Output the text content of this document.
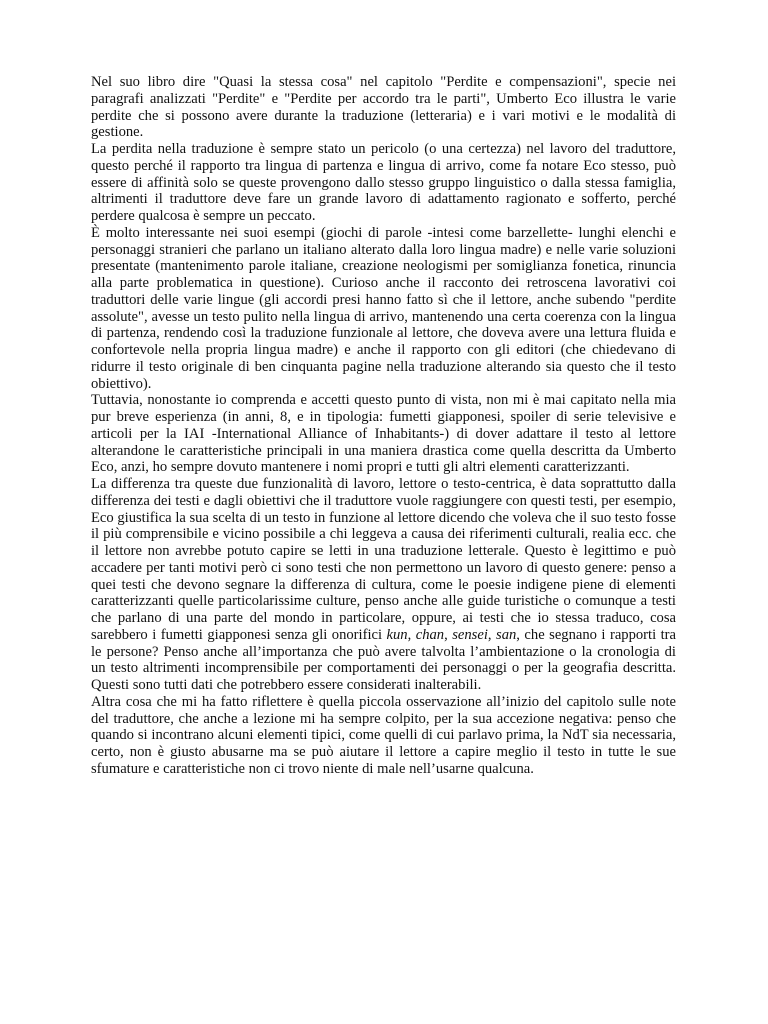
Nel suo libro dire "Quasi la stessa cosa" nel capitolo "Perdite e compensazioni", specie nei paragrafi analizzati "Perdite" e "Perdite per accordo tra le parti", Umberto Eco illustra le varie perdite che si possono avere durante la traduzione (letteraria) e i vari motivi e le modalità di gestione.

La perdita nella traduzione è sempre stato un pericolo (o una certezza) nel lavoro del traduttore, questo perché il rapporto tra lingua di partenza e lingua di arrivo, come fa notare Eco stesso, può essere di affinità solo se queste provengono dallo stesso gruppo linguistico o dalla stessa famiglia, altrimenti il traduttore deve fare un grande lavoro di adattamento ragionato e sofferto, perché perdere qualcosa è sempre un peccato.

È molto interessante nei suoi esempi (giochi di parole -intesi come barzellette- lunghi elenchi e personaggi stranieri che parlano un italiano alterato dalla loro lingua madre) e nelle varie soluzioni presentate (mantenimento parole italiane, creazione neologismi per somiglianza fonetica, rinuncia alla parte problematica in questione). Curioso anche il racconto dei retroscena lavorativi coi traduttori delle varie lingue (gli accordi presi hanno fatto sì che il lettore, anche subendo "perdite assolute", avesse un testo pulito nella lingua di arrivo, mantenendo una certa coerenza con la lingua di partenza, rendendo così la traduzione funzionale al lettore, che doveva avere una lettura fluida e confortevole nella propria lingua madre) e anche il rapporto con gli editori (che chiedevano di ridurre il testo originale di ben cinquanta pagine nella traduzione alterando sia questo che il testo obiettivo).

Tuttavia, nonostante io comprenda e accetti questo punto di vista, non mi è mai capitato nella mia pur breve esperienza (in anni, 8, e in tipologia: fumetti giapponesi, spoiler di serie televisive e articoli per la IAI -International Alliance of Inhabitants-) di dover adattare il testo al lettore alterandone le caratteristiche principali in una maniera drastica come quella descritta da Umberto Eco, anzi, ho sempre dovuto mantenere i nomi propri e tutti gli altri elementi caratterizzanti.

La differenza tra queste due funzionalità di lavoro, lettore o testo-centrica, è data soprattutto dalla differenza dei testi e dagli obiettivi che il traduttore vuole raggiungere con questi testi, per esempio, Eco giustifica la sua scelta di un testo in funzione al lettore dicendo che voleva che il suo testo fosse il più comprensibile e vicino possibile a chi leggeva a causa dei riferimenti culturali, realia ecc. che il lettore non avrebbe potuto capire se letti in una traduzione letterale. Questo è legittimo e può accadere per tanti motivi però ci sono testi che non permettono un lavoro di questo genere: penso a quei testi che devono segnare la differenza di cultura, come le poesie indigene piene di elementi caratterizzanti quelle particolarissime culture, penso anche alle guide turistiche o comunque a testi che parlano di una parte del mondo in particolare, oppure, ai testi che io stessa traduco, cosa sarebbero i fumetti giapponesi senza gli onorifici kun, chan, sensei, san, che segnano i rapporti tra le persone? Penso anche all’importanza che può avere talvolta l’ambientazione o la cronologia di un testo altrimenti incomprensibile per comportamenti dei personaggi o per la geografia descritta. Questi sono tutti dati che potrebbero essere considerati inalterabili.

Altra cosa che mi ha fatto riflettere è quella piccola osservazione all’inizio del capitolo sulle note del traduttore, che anche a lezione mi ha sempre colpito, per la sua accezione negativa: penso che quando si incontrano alcuni elementi tipici, come quelli di cui parlavo prima, la NdT sia necessaria, certo, non è giusto abusarne ma se può aiutare il lettore a capire meglio il testo in tutte le sue sfumature e caratteristiche non ci trovo niente di male nell’usarne qualcuna.
